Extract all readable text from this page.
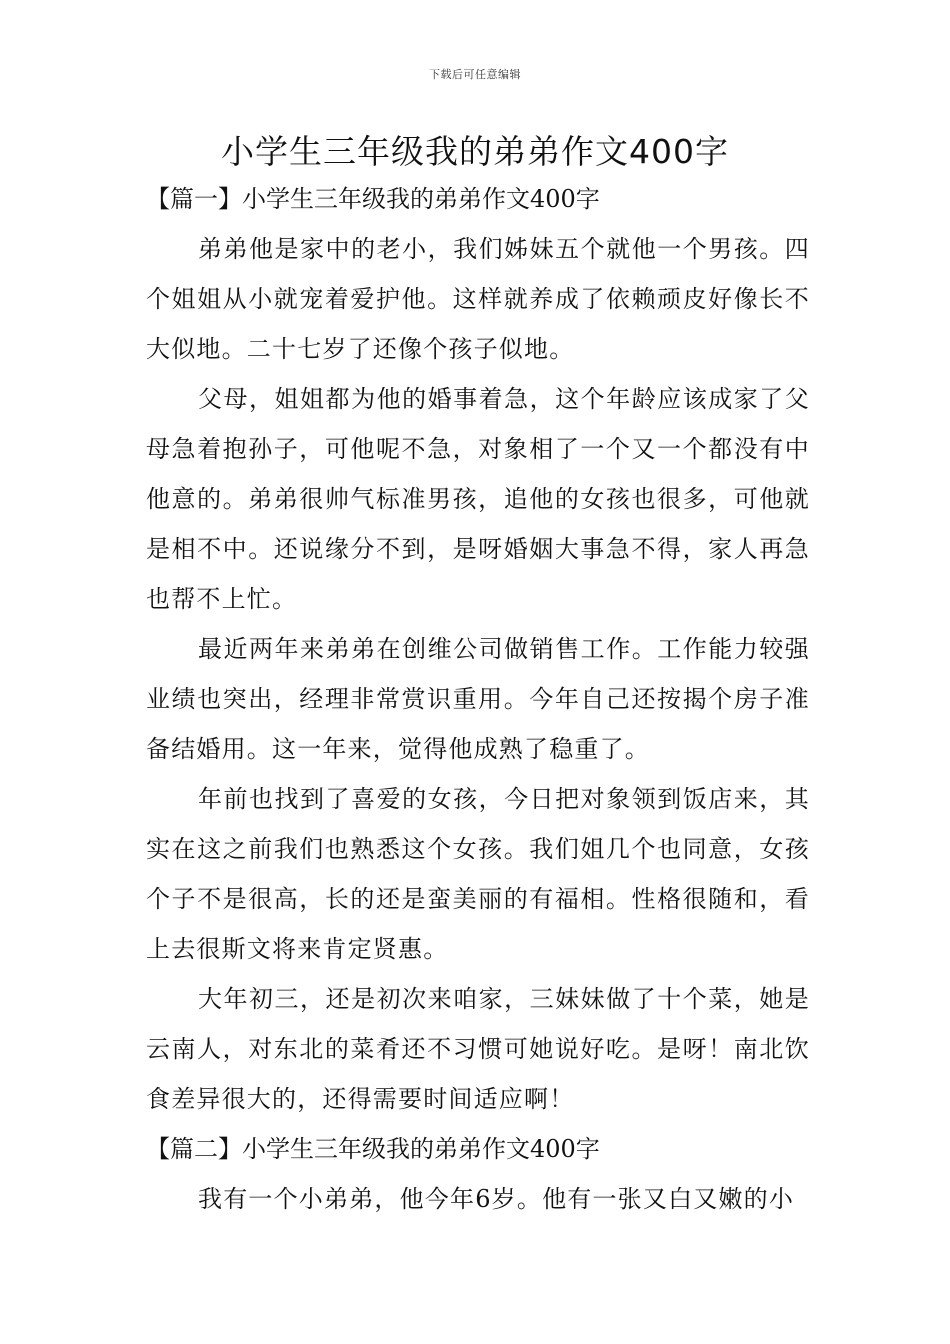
下载后可任意编辑
小学生三年级我的弟弟作文400字

【篇一】小学生三年级我的弟弟作文400字

弟弟他是家中的老小，我们姊妹五个就他一个男孩。四个姐姐从小就宠着爱护他。这样就养成了依赖顽皮好像长不大似地。二十七岁了还像个孩子似地。

父母，姐姐都为他的婚事着急，这个年龄应该成家了父母急着抱孙子，可他呢不急，对象相了一个又一个都没有中他意的。弟弟很帅气标准男孩，追他的女孩也很多，可他就是相不中。还说缘分不到，是呀婚姻大事急不得，家人再急也帮不上忙。

最近两年来弟弟在创维公司做销售工作。工作能力较强业绩也突出，经理非常赏识重用。今年自己还按揭个房子准备结婚用。这一年来，觉得他成熟了稳重了。

年前也找到了喜爱的女孩，今日把对象领到饭店来，其实在这之前我们也熟悉这个女孩。我们姐几个也同意，女孩个子不是很高，长的还是蛮美丽的有福相。性格很随和，看上去很斯文将来肯定贤惠。

大年初三，还是初次来咱家，三妹妹做了十个菜，她是云南人，对东北的菜肴还不习惯可她说好吃。是呀！南北饮食差异很大的，还得需要时间适应啊！

【篇二】小学生三年级我的弟弟作文400字

我有一个小弟弟，他今年6岁。他有一张又白又嫩的小
